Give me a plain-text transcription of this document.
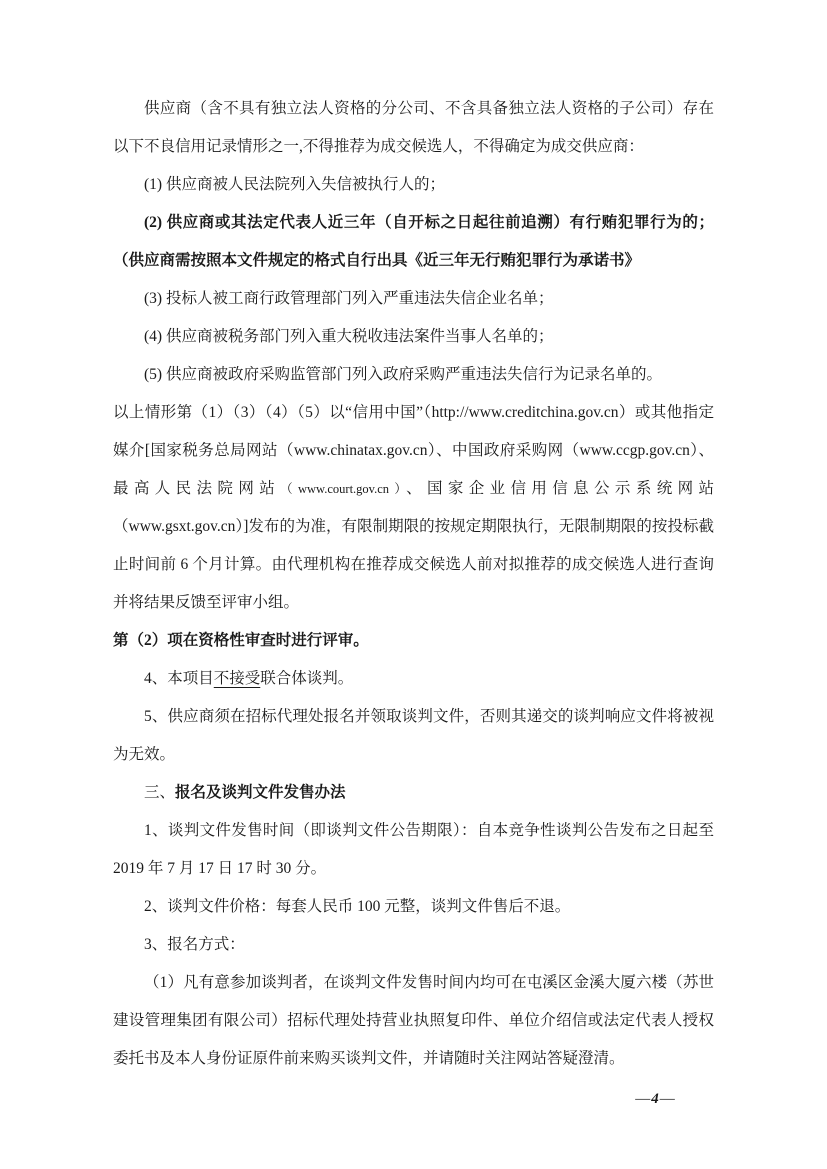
供应商（含不具有独立法人资格的分公司、不含具备独立法人资格的子公司）存在以下不良信用记录情形之一,不得推荐为成交候选人，不得确定为成交供应商：

(1) 供应商被人民法院列入失信被执行人的；

(2) 供应商或其法定代表人近三年（自开标之日起往前追溯）有行贿犯罪行为的；（供应商需按照本文件规定的格式自行出具《近三年无行贿犯罪行为承诺书》

(3) 投标人被工商行政管理部门列入严重违法失信企业名单；

(4) 供应商被税务部门列入重大税收违法案件当事人名单的；

(5) 供应商被政府采购监管部门列入政府采购严重违法失信行为记录名单的。

以上情形第（1）（3）（4）（5）以“信用中国”（http://www.creditchina.gov.cn）或其他指定媒介[国家税务总局网站（www.chinatax.gov.cn）、中国政府采购网（www.ccgp.gov.cn）、最高人民法院网站（www.court.gov.cn）、国家企业信用信息公示系统网站（www.gsxt.gov.cn）]发布的为准，有限制期限的按规定期限执行，无限制期限的按投标截止时间前 6 个月计算。由代理机构在推荐成交候选人前对拟推荐的成交候选人进行查询并将结果反馈至评审小组。

第（2）项在资格性审查时进行评审。

4、本项目不接受联合体谈判。

5、供应商须在招标代理处报名并领取谈判文件，否则其递交的谈判响应文件将被视为无效。

三、报名及谈判文件发售办法

1、谈判文件发售时间（即谈判文件公告期限）：自本竞争性谈判公告发布之日起至 2019 年 7 月 17 日 17 时 30 分。

2、谈判文件价格：每套人民币 100 元整，谈判文件售后不退。

3、报名方式：

（1）凡有意参加谈判者，在谈判文件发售时间内均可在屯溪区金溪大厦六楼（苏世建设管理集团有限公司）招标代理处持营业执照复印件、单位介绍信或法定代表人授权委托书及本人身份证原件前来购买谈判文件，并请随时关注网站答疑澄清。

—4—
